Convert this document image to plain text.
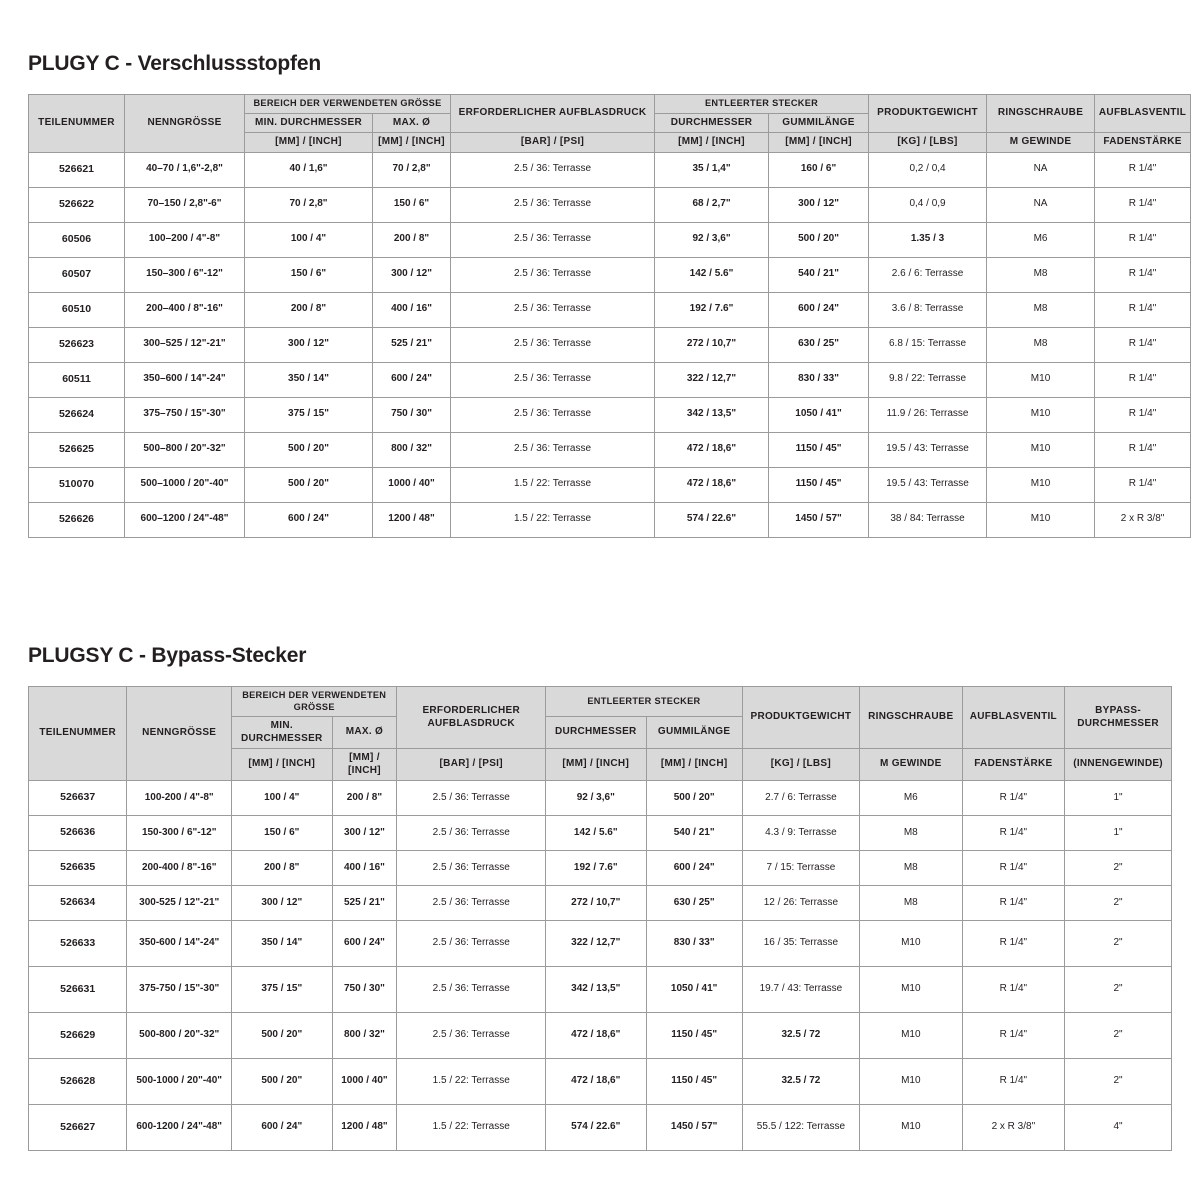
PLUGY C - Verschlussstopfen
TEILENUMMER	NENNGRÖSSE	BEREICH DER VERWENDETEN GRÖSSE		ERFORDERLICHER AUFBLASDRUCK	ENTLEERTER STECKER		PRODUKTGEWICHT	RINGSCHRAUBE	AUFBLASVENTIL
		MIN. DURCHMESSER	MAX. Ø		DURCHMESSER	GUMMILÄNGE			
		[MM] / [INCH]	[MM] / [INCH]	[BAR] / [PSI]	[MM] / [INCH]	[MM] / [INCH]	[KG] / [LBS]	M GEWINDE	FADENSTÄRKE
526621	40–70 / 1,6"-2,8"	40 / 1,6"	70 / 2,8"	2.5 / 36: Terrasse	35 / 1,4"	160 / 6"	0,2 / 0,4	NA	R 1/4"
526622	70–150 / 2,8"-6"	70 / 2,8"	150 / 6"	2.5 / 36: Terrasse	68 / 2,7"	300 / 12"	0,4 / 0,9	NA	R 1/4"
60506	100–200 / 4"-8"	100 / 4"	200 / 8"	2.5 / 36: Terrasse	92 / 3,6"	500 / 20"	1.35 / 3	M6	R 1/4"
60507	150–300 / 6"-12"	150 / 6"	300 / 12"	2.5 / 36: Terrasse	142 / 5.6"	540 / 21"	2.6 / 6: Terrasse	M8	R 1/4"
60510	200–400 / 8"-16"	200 / 8"	400 / 16"	2.5 / 36: Terrasse	192 / 7.6"	600 / 24"	3.6 / 8: Terrasse	M8	R 1/4"
526623	300–525 / 12"-21"	300 / 12"	525 / 21"	2.5 / 36: Terrasse	272 / 10,7"	630 / 25"	6.8 / 15: Terrasse	M8	R 1/4"
60511	350–600 / 14"-24"	350 / 14"	600 / 24"	2.5 / 36: Terrasse	322 / 12,7"	830 / 33"	9.8 / 22: Terrasse	M10	R 1/4"
526624	375–750 / 15"-30"	375 / 15"	750 / 30"	2.5 / 36: Terrasse	342 / 13,5"	1050 / 41"	11.9 / 26: Terrasse	M10	R 1/4"
526625	500–800 / 20"-32"	500 / 20"	800 / 32"	2.5 / 36: Terrasse	472 / 18,6"	1150 / 45"	19.5 / 43: Terrasse	M10	R 1/4"
510070	500–1000 / 20"-40"	500 / 20"	1000 / 40"	1.5 / 22: Terrasse	472 / 18,6"	1150 / 45"	19.5 / 43: Terrasse	M10	R 1/4"
526626	600–1200 / 24"-48"	600 / 24"	1200 / 48"	1.5 / 22: Terrasse	574 / 22.6"	1450 / 57"	38 / 84: Terrasse	M10	2 x R 3/8"
PLUGSY C - Bypass-Stecker
TEILENUMMER	NENNGRÖSSE	BEREICH DER VERWENDETEN GRÖSSE		ERFORDERLICHER AUFBLASDRUCK	ENTLEERTER STECKER		PRODUKTGEWICHT	RINGSCHRAUBE	AUFBLASVENTIL	BYPASS-DURCHMESSER
		MIN. DURCHMESSER	MAX. Ø		DURCHMESSER	GUMMILÄNGE				
		[MM] / [INCH]	[MM] / [INCH]	[BAR] / [PSI]	[MM] / [INCH]	[MM] / [INCH]	[KG] / [LBS]	M GEWINDE	FADENSTÄRKE	(INNENGEWINDE)
526637	100-200 / 4"-8"	100 / 4"	200 / 8"	2.5 / 36: Terrasse	92 / 3,6"	500 / 20"	2.7 / 6: Terrasse	M6	R 1/4"	1"
526636	150-300 / 6"-12"	150 / 6"	300 / 12"	2.5 / 36: Terrasse	142 / 5.6"	540 / 21"	4.3 / 9: Terrasse	M8	R 1/4"	1"
526635	200-400 / 8"-16"	200 / 8"	400 / 16"	2.5 / 36: Terrasse	192 / 7.6"	600 / 24"	7 / 15: Terrasse	M8	R 1/4"	2"
526634	300-525 / 12"-21"	300 / 12"	525 / 21"	2.5 / 36: Terrasse	272 / 10,7"	630 / 25"	12 / 26: Terrasse	M8	R 1/4"	2"
526633	350-600 / 14"-24"	350 / 14"	600 / 24"	2.5 / 36: Terrasse	322 / 12,7"	830 / 33"	16 / 35: Terrasse	M10	R 1/4"	2"
526631	375-750 / 15"-30"	375 / 15"	750 / 30"	2.5 / 36: Terrasse	342 / 13,5"	1050 / 41"	19.7 / 43: Terrasse	M10	R 1/4"	2"
526629	500-800 / 20"-32"	500 / 20"	800 / 32"	2.5 / 36: Terrasse	472 / 18,6"	1150 / 45"	32.5 / 72	M10	R 1/4"	2"
526628	500-1000 / 20"-40"	500 / 20"	1000 / 40"	1.5 / 22: Terrasse	472 / 18,6"	1150 / 45"	32.5 / 72	M10	R 1/4"	2"
526627	600-1200 / 24"-48"	600 / 24"	1200 / 48"	1.5 / 22: Terrasse	574 / 22.6"	1450 / 57"	55.5 / 122: Terrasse	M10	2 x R 3/8"	4"
